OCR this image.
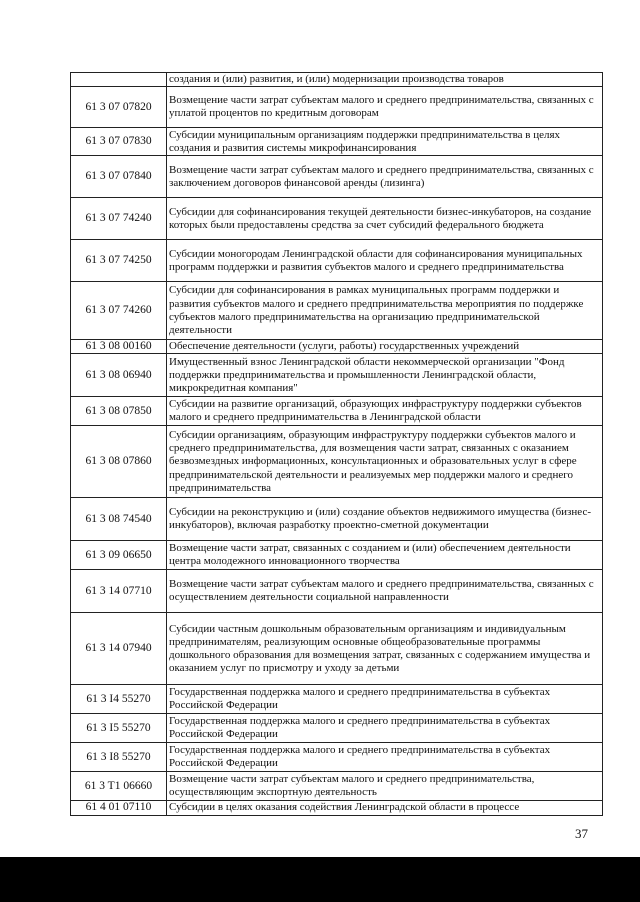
	создания и (или) развития, и (или) модернизации производства товаров
61 3 07 07820	Возмещение части затрат субъектам малого и среднего предпринимательства, связанных с уплатой процентов по кредитным договорам
61 3 07 07830	Субсидии муниципальным организациям поддержки предпринимательства в целях создания и развития системы микрофинансирования
61 3 07 07840	Возмещение части затрат субъектам малого и среднего предпринимательства, связанных с заключением договоров финансовой аренды (лизинга)
61 3 07 74240	Субсидии для софинансирования текущей деятельности бизнес-инкубаторов, на создание которых были предоставлены средства за счет субсидий федерального бюджета
61 3 07 74250	Субсидии моногородам Ленинградской области для софинансирования муниципальных программ поддержки и развития субъектов малого и среднего предпринимательства
61 3 07 74260	Субсидии для софинансирования в рамках муниципальных программ поддержки и развития субъектов малого и среднего предпринимательства мероприятия по поддержке субъектов малого предпринимательства на организацию предпринимательской деятельности
61 3 08 00160	Обеспечение деятельности (услуги, работы) государственных учреждений
61 3 08 06940	Имущественный взнос Ленинградской области некоммерческой организации "Фонд поддержки предпринимательства и промышленности Ленинградской области, микрокредитная компания"
61 3 08 07850	Субсидии на развитие организаций, образующих инфраструктуру поддержки субъектов малого и среднего предпринимательства в Ленинградской области
61 3 08 07860	Субсидии организациям, образующим инфраструктуру поддержки субъектов малого и среднего предпринимательства, для возмещения части затрат, связанных с оказанием безвозмездных информационных, консультационных и образовательных услуг в сфере предпринимательской деятельности и реализуемых мер поддержки малого и среднего предпринимательства
61 3 08 74540	Субсидии на реконструкцию и (или) создание объектов недвижимого имущества (бизнес-инкубаторов), включая разработку проектно-сметной документации
61 3 09 06650	Возмещение части затрат, связанных с созданием и (или) обеспечением деятельности центра молодежного инновационного творчества
61 3 14 07710	Возмещение части затрат субъектам малого и среднего предпринимательства, связанных с осуществлением деятельности социальной направленности
61 3 14 07940	Субсидии частным дошкольным образовательным организациям и индивидуальным предпринимателям, реализующим основные общеобразовательные программы дошкольного образования для возмещения затрат, связанных с содержанием имущества и оказанием услуг по присмотру и уходу за детьми
61 3 I4 55270	Государственная поддержка малого и среднего предпринимательства в субъектах Российской Федерации
61 3 I5 55270	Государственная поддержка малого и среднего предпринимательства в субъектах Российской Федерации
61 3 I8 55270	Государственная поддержка малого и среднего предпринимательства в субъектах Российской Федерации
61 3 T1 06660	Возмещение части затрат субъектам малого и среднего предпринимательства, осуществляющим экспортную деятельность
61 4 01 07110	Субсидии в целях оказания содействия Ленинградской области в процессе
37
